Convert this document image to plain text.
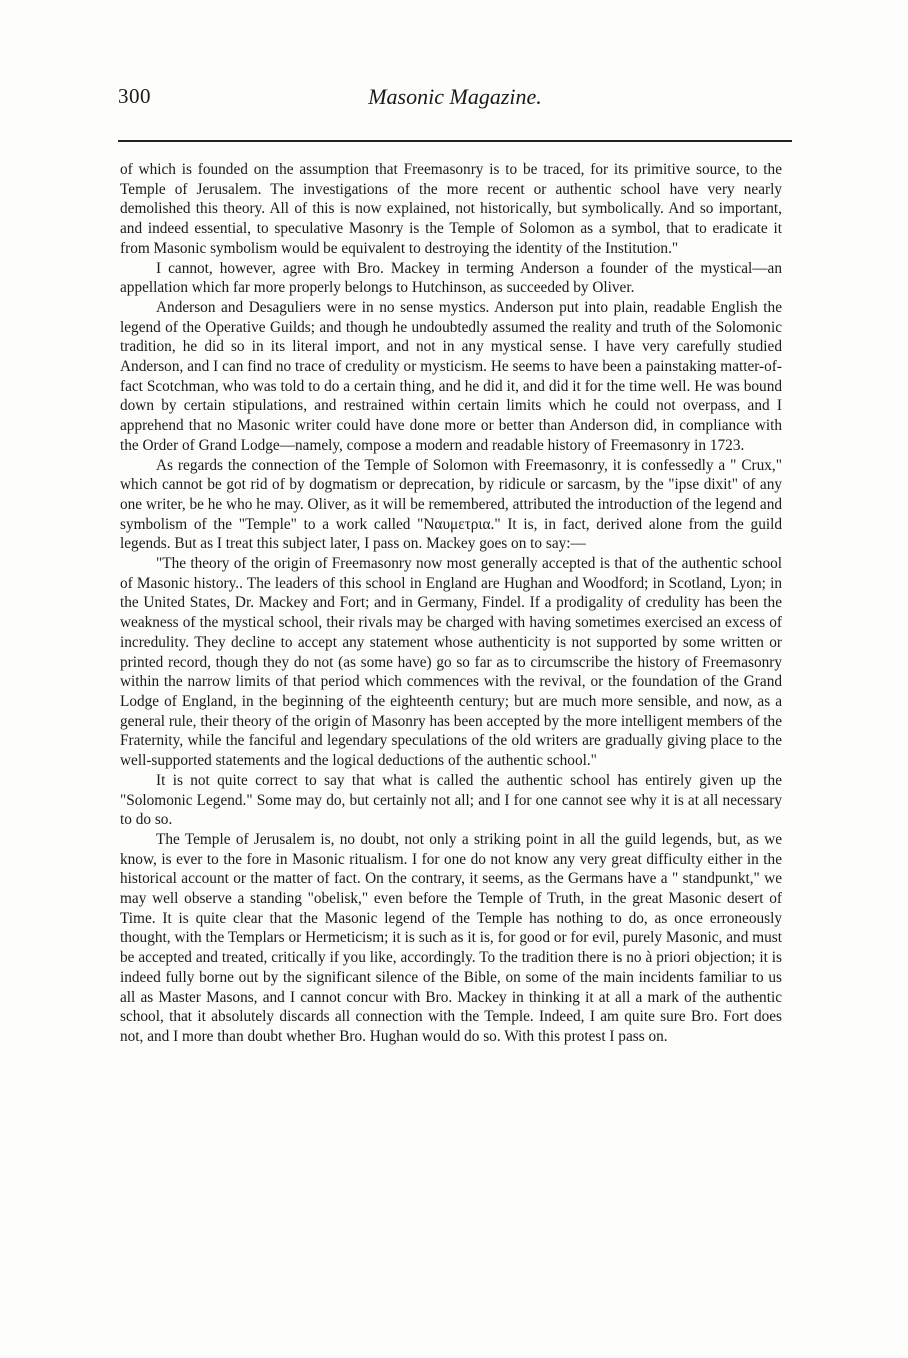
300	Masonic Magazine.

of which is founded on the assumption that Freemasonry is to be traced, for its primitive source, to the Temple of Jerusalem. The investigations of the more recent or authentic school have very nearly demolished this theory. All of this is now explained, not historically, but symbolically. And so important, and indeed essential, to speculative Masonry is the Temple of Solomon as a symbol, that to eradicate it from Masonic symbolism would be equivalent to destroying the identity of the Institution."

I cannot, however, agree with Bro. Mackey in terming Anderson a founder of the mystical—an appellation which far more properly belongs to Hutchinson, as succeeded by Oliver.

Anderson and Desaguliers were in no sense mystics. Anderson put into plain, readable English the legend of the Operative Guilds; and though he undoubtedly assumed the reality and truth of the Solomonic tradition, he did so in its literal import, and not in any mystical sense. I have very carefully studied Anderson, and I can find no trace of credulity or mysticism. He seems to have been a painstaking matter-of-fact Scotchman, who was told to do a certain thing, and he did it, and did it for the time well. He was bound down by certain stipulations, and restrained within certain limits which he could not overpass, and I apprehend that no Masonic writer could have done more or better than Anderson did, in compliance with the Order of Grand Lodge—namely, compose a modern and readable history of Freemasonry in 1723.

As regards the connection of the Temple of Solomon with Freemasonry, it is confessedly a " Crux," which cannot be got rid of by dogmatism or deprecation, by ridicule or sarcasm, by the "ipse dixit" of any one writer, be he who he may. Oliver, as it will be remembered, attributed the introduction of the legend and symbolism of the "Temple" to a work called "Ναυμετρια." It is, in fact, derived alone from the guild legends. But as I treat this subject later, I pass on. Mackey goes on to say:—

"The theory of the origin of Freemasonry now most generally accepted is that of the authentic school of Masonic history.. The leaders of this school in England are Hughan and Woodford; in Scotland, Lyon; in the United States, Dr. Mackey and Fort; and in Germany, Findel. If a prodigality of credulity has been the weakness of the mystical school, their rivals may be charged with having sometimes exercised an excess of incredulity. They decline to accept any statement whose authenticity is not supported by some written or printed record, though they do not (as some have) go so far as to circumscribe the history of Freemasonry within the narrow limits of that period which commences with the revival, or the foundation of the Grand Lodge of England, in the beginning of the eighteenth century; but are much more sensible, and now, as a general rule, their theory of the origin of Masonry has been accepted by the more intelligent members of the Fraternity, while the fanciful and legendary speculations of the old writers are gradually giving place to the well-supported statements and the logical deductions of the authentic school."

It is not quite correct to say that what is called the authentic school has entirely given up the "Solomonic Legend." Some may do, but certainly not all; and I for one cannot see why it is at all necessary to do so.

The Temple of Jerusalem is, no doubt, not only a striking point in all the guild legends, but, as we know, is ever to the fore in Masonic ritualism. I for one do not know any very great difficulty either in the historical account or the matter of fact. On the contrary, it seems, as the Germans have a " standpunkt," we may well observe a standing "obelisk," even before the Temple of Truth, in the great Masonic desert of Time. It is quite clear that the Masonic legend of the Temple has nothing to do, as once erroneously thought, with the Templars or Hermeticism; it is such as it is, for good or for evil, purely Masonic, and must be accepted and treated, critically if you like, accordingly. To the tradition there is no à priori objection; it is indeed fully borne out by the significant silence of the Bible, on some of the main incidents familiar to us all as Master Masons, and I cannot concur with Bro. Mackey in thinking it at all a mark of the authentic school, that it absolutely discards all connection with the Temple. Indeed, I am quite sure Bro. Fort does not, and I more than doubt whether Bro. Hughan would do so. With this protest I pass on.
